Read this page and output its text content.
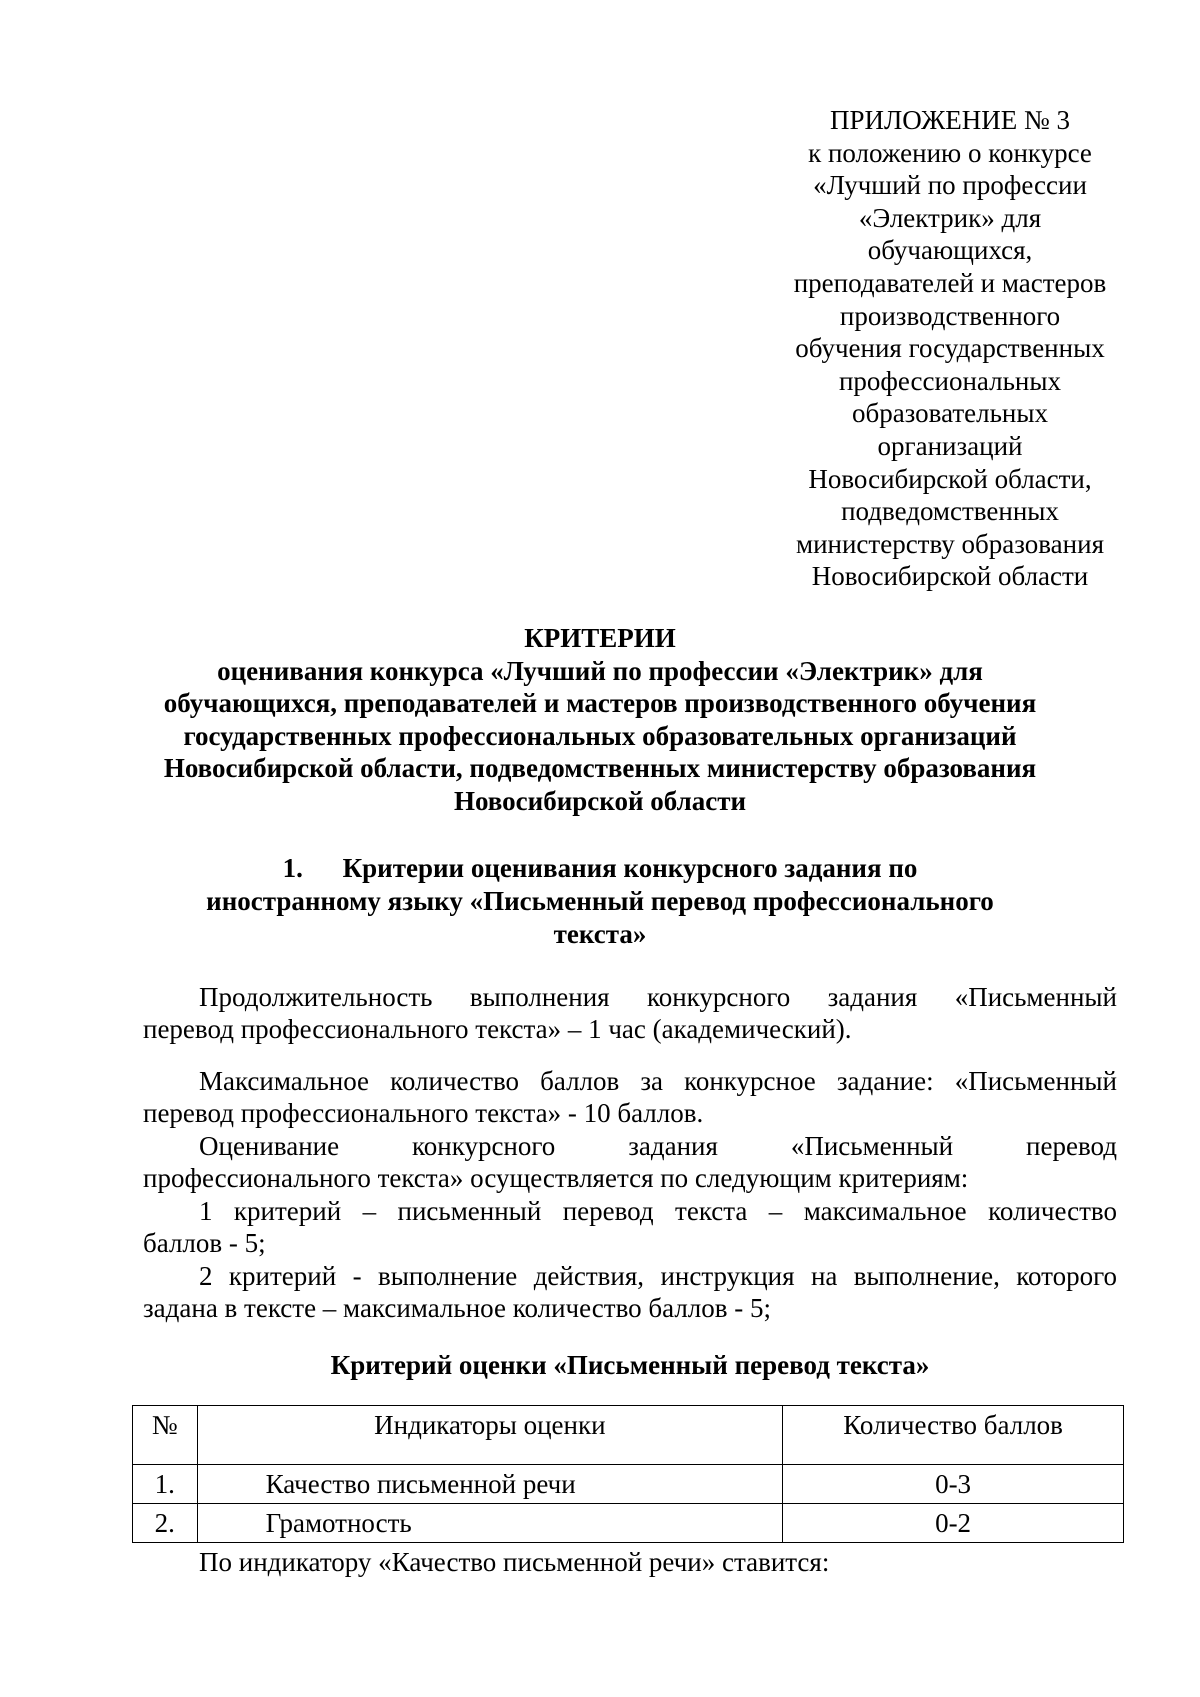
ПРИЛОЖЕНИЕ № 3
к положению о конкурсе
«Лучший по профессии
«Электрик» для
обучающихся,
преподавателей и мастеров
производственного
обучения государственных
профессиональных
образовательных
организаций
Новосибирской области,
подведомственных
министерству образования
Новосибирской области
КРИТЕРИИ
оценивания конкурса «Лучший по профессии «Электрик» для
обучающихся, преподавателей и мастеров производственного обучения
государственных профессиональных образовательных организаций
Новосибирской области, подведомственных министерству образования
Новосибирской области
1. Критерии оценивания конкурсного задания по
иностранному языку «Письменный перевод профессионального
текста»
Продолжительность выполнения конкурсного задания «Письменный
перевод профессионального текста» – 1 час (академический).
Максимальное количество баллов за конкурсное задание: «Письменный
перевод профессионального текста» - 10 баллов.
Оценивание конкурсного задания «Письменный перевод
профессионального текста» осуществляется по следующим критериям:
1 критерий – письменный перевод текста – максимальное количество
баллов - 5;
2 критерий - выполнение действия, инструкция на выполнение, которого
задана в тексте – максимальное количество баллов - 5;
Критерий оценки «Письменный перевод текста»
№	Индикаторы оценки	Количество баллов
1.	Качество письменной речи	0-3
2.	Грамотность	0-2
По индикатору «Качество письменной речи» ставится:
